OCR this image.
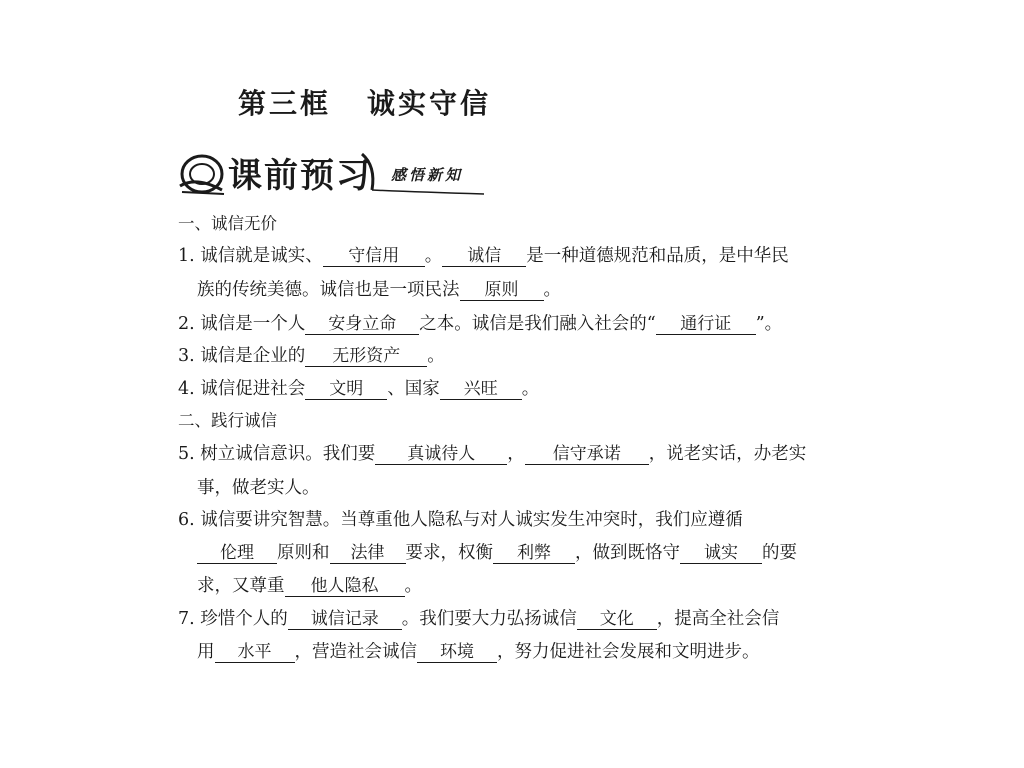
第三框 诚实守信
课前预习 感悟新知
一、诚信无价
1. 诚信就是诚实、 守信用 。 诚信 是一种道德规范和品质，是中华民
族的传统美德。诚信也是一项民法 原则 。
2. 诚信是一个人 安身立命 之本。诚信是我们融入社会的“ 通行证 ”。
3. 诚信是企业的 无形资产 。
4. 诚信促进社会 文明 、国家 兴旺 。
二、践行诚信
5. 树立诚信意识。我们要 真诚待人 ， 信守承诺 ，说老实话，办老实
事，做老实人。
6. 诚信要讲究智慧。当尊重他人隐私与对人诚实发生冲突时，我们应遵循
伦理 原则和 法律 要求，权衡 利弊 ，做到既恪守 诚实 的要
求，又尊重 他人隐私 。
7. 珍惜个人的 诚信记录 。我们要大力弘扬诚信 文化 ，提高全社会信
用 水平 ，营造社会诚信 环境 ，努力促进社会发展和文明进步。
